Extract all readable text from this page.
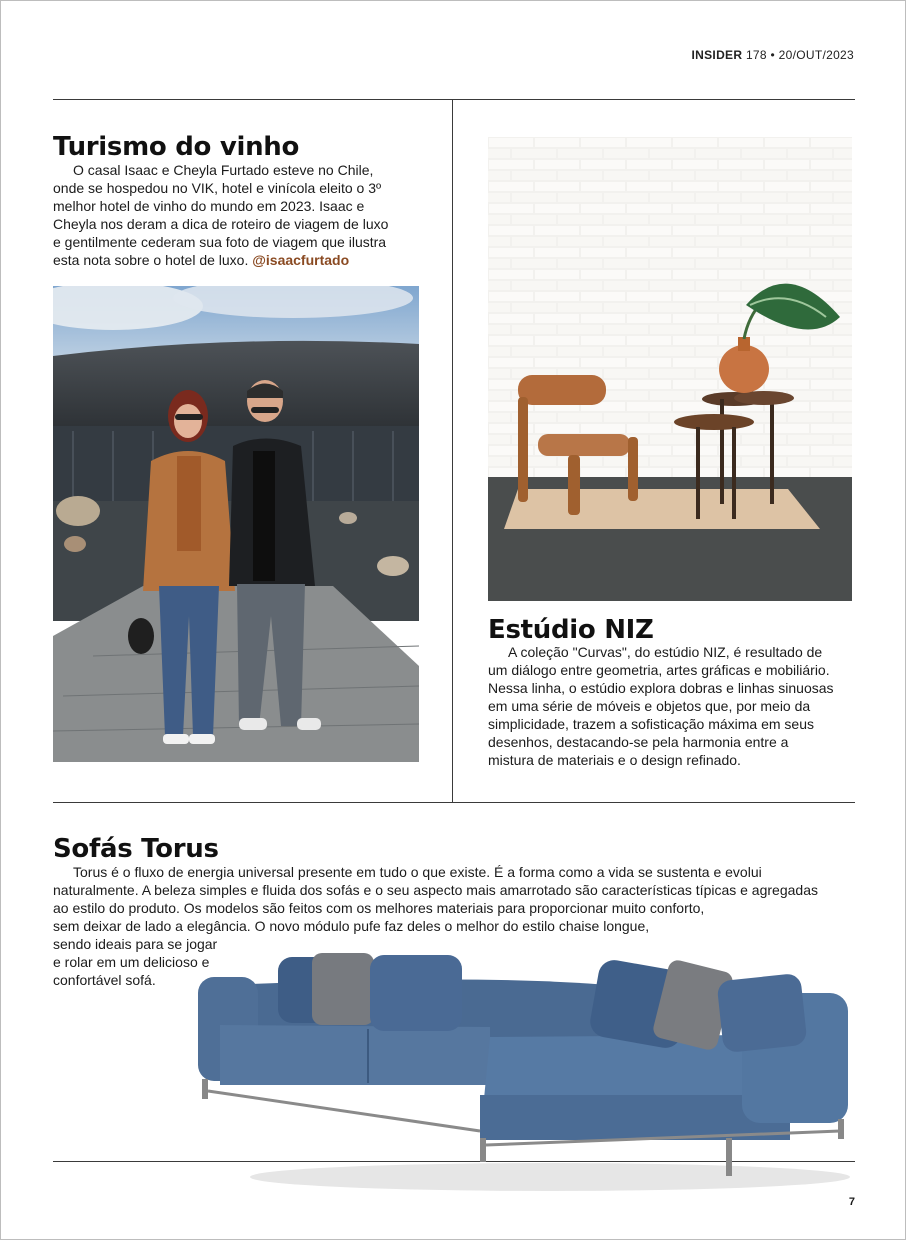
INSIDER 178 • 20/OUT/2023
Turismo do vinho
O casal Isaac e Cheyla Furtado esteve no Chile,
onde se hospedou no VIK, hotel e vinícola eleito o 3º
melhor hotel de vinho do mundo em 2023. Isaac e
Cheyla nos deram a dica de roteiro de viagem de luxo
e gentilmente cederam sua foto de viagem que ilustra
esta nota sobre o hotel de luxo. @isaacfurtado
Estúdio NIZ
A coleção "Curvas", do estúdio NIZ, é resultado de
um diálogo entre geometria, artes gráficas e mobiliário.
Nessa linha, o estúdio explora dobras e linhas sinuosas
em uma série de móveis e objetos que, por meio da
simplicidade, trazem a sofisticação máxima em seus
desenhos, destacando-se pela harmonia entre a
mistura de materiais e o design refinado.
Sofás Torus
Torus é o fluxo de energia universal presente em tudo o que existe. É a forma como a vida se sustenta e evolui
naturalmente. A beleza simples e fluida dos sofás e o seu aspecto mais amarrotado são características típicas e agregadas
ao estilo do produto. Os modelos são feitos com os melhores materiais para proporcionar muito conforto,
sem deixar de lado a elegância. O novo módulo pufe faz deles o melhor do estilo chaise longue,
sendo ideais para se jogar
e rolar em um delicioso e
confortável sofá.
7
